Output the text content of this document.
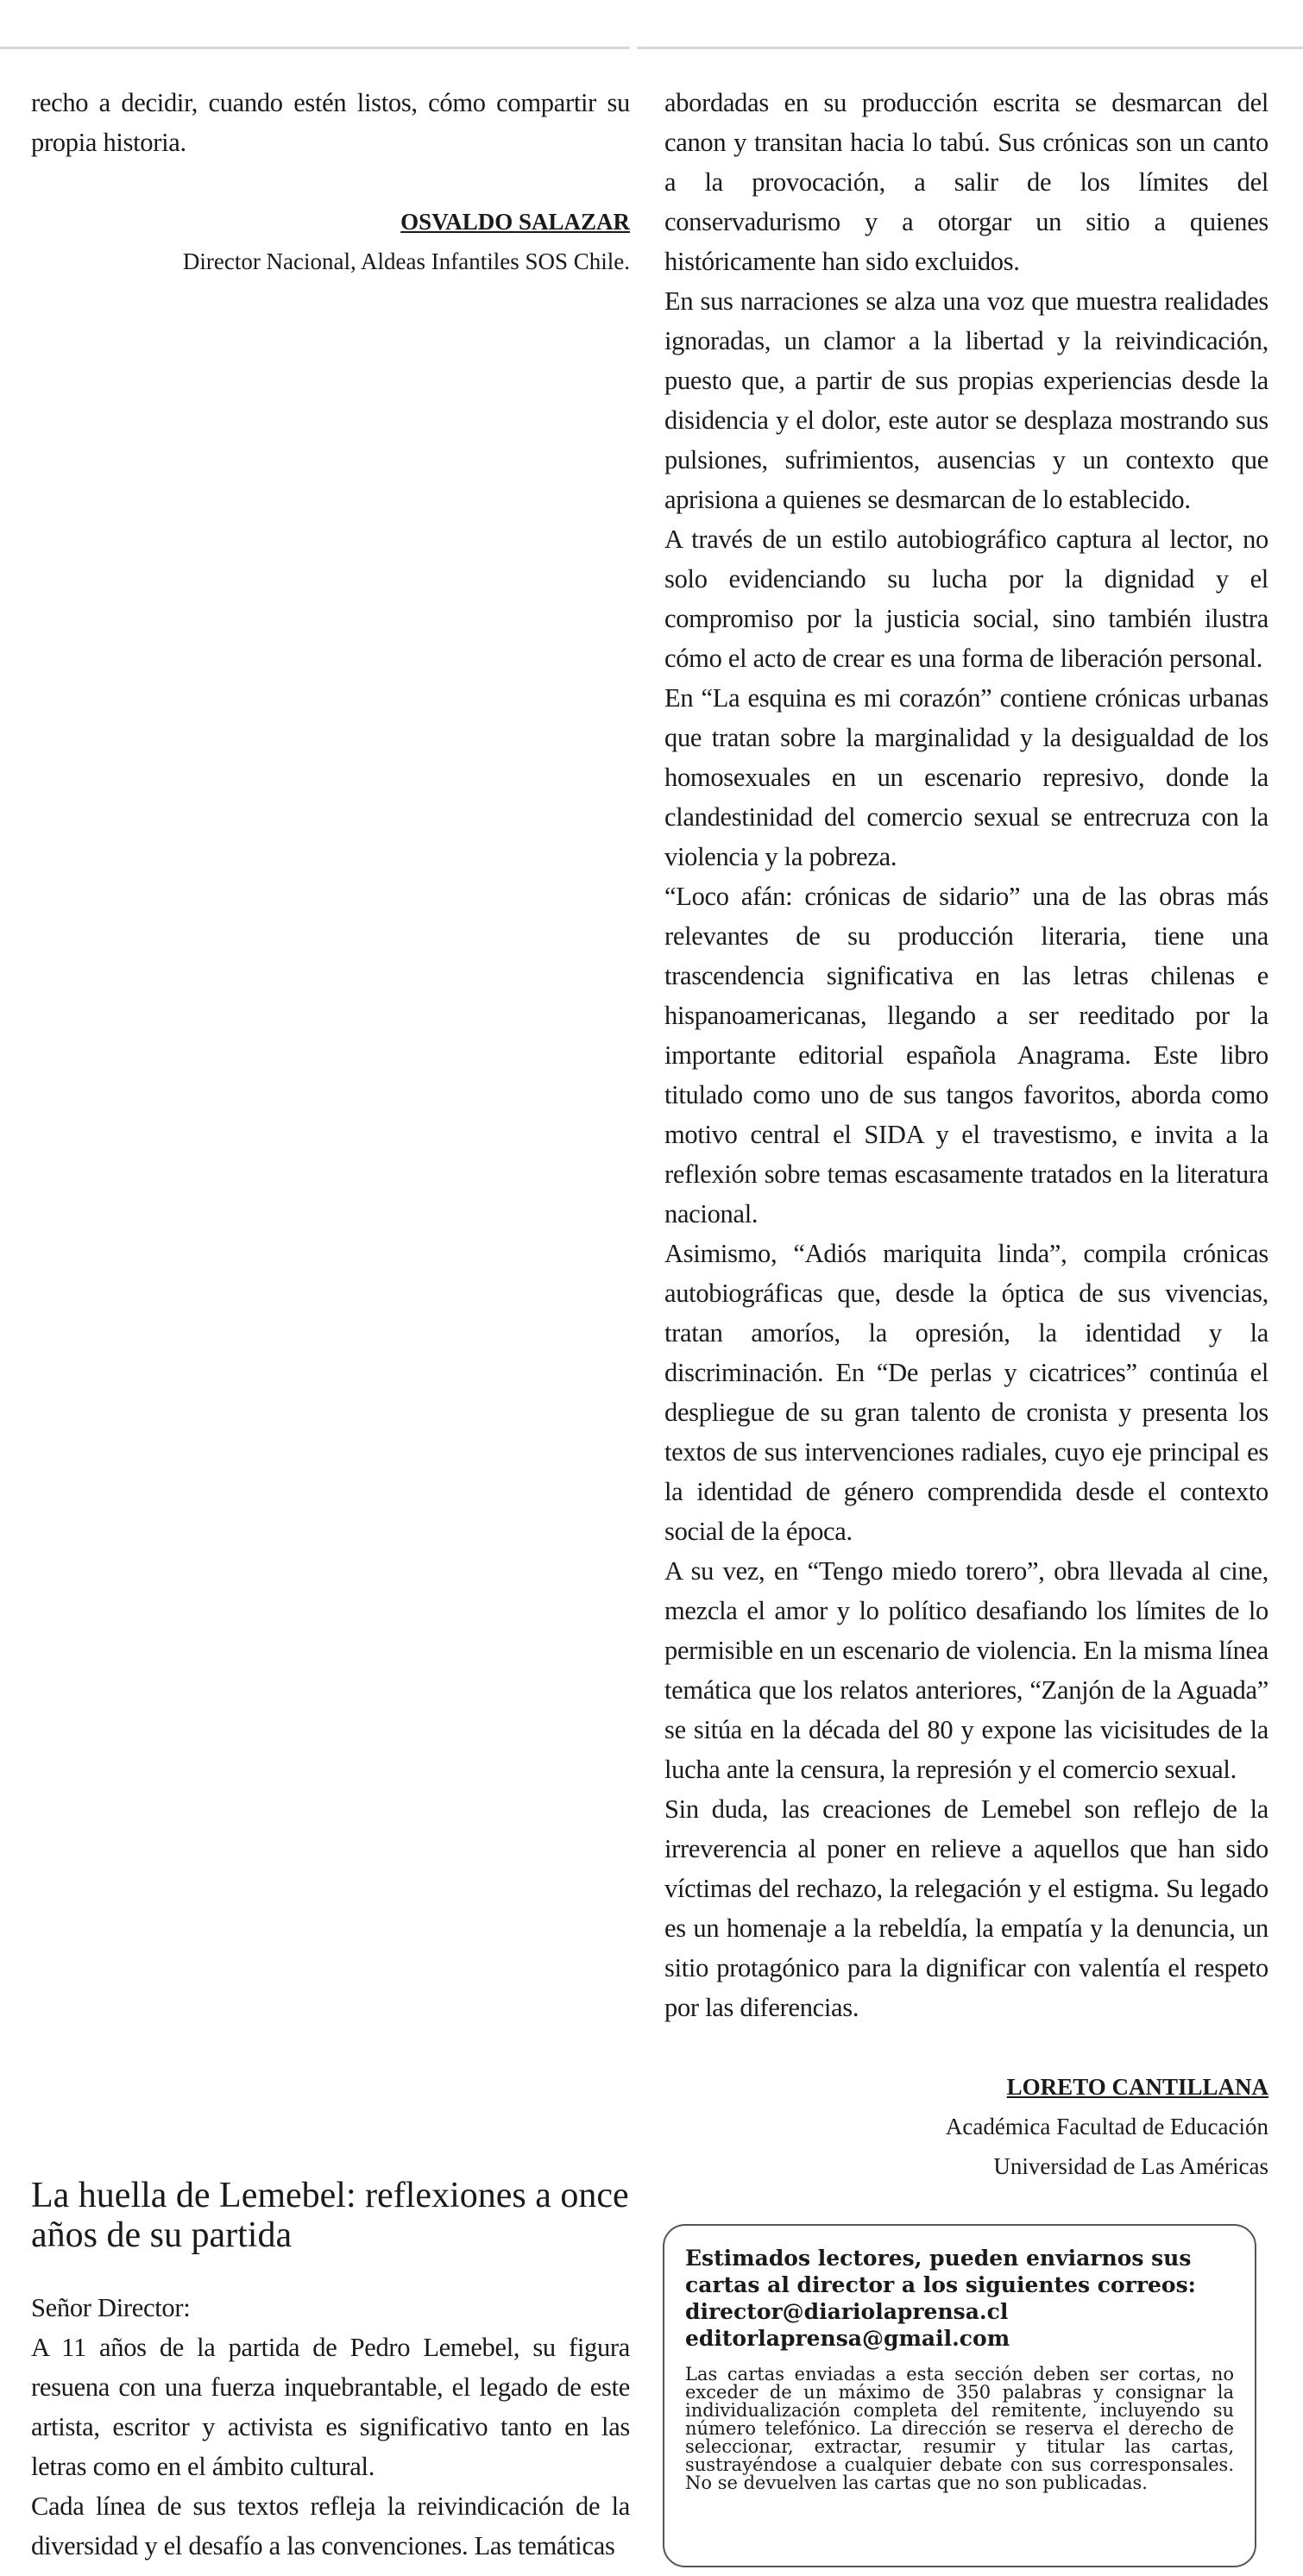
recho a decidir, cuando estén listos, cómo compartir su propia historia.

OSVALDO SALAZAR
Director Nacional, Aldeas Infantiles SOS Chile.

abordadas en su producción escrita se desmarcan del canon y transitan hacia lo tabú. Sus crónicas son un canto a la provocación, a salir de los límites del conservadurismo y a otorgar un sitio a quienes históricamente han sido excluidos.

En sus narraciones se alza una voz que muestra realidades ignoradas, un clamor a la libertad y la reivindicación, puesto que, a partir de sus propias experiencias desde la disidencia y el dolor, este autor se desplaza mostrando sus pulsiones, sufrimientos, ausencias y un contexto que aprisiona a quienes se desmarcan de lo establecido.

A través de un estilo autobiográfico captura al lector, no solo evidenciando su lucha por la dignidad y el compromiso por la justicia social, sino también ilustra cómo el acto de crear es una forma de liberación personal.

En “La esquina es mi corazón” contiene crónicas urbanas que tratan sobre la marginalidad y la desigualdad de los homosexuales en un escenario represivo, donde la clandestinidad del comercio sexual se entrecruza con la violencia y la pobreza.

“Loco afán: crónicas de sidario” una de las obras más relevantes de su producción literaria, tiene una trascendencia significativa en las letras chilenas e hispanoamericanas, llegando a ser reeditado por la importante editorial española Anagrama. Este libro titulado como uno de sus tangos favoritos, aborda como motivo central el SIDA y el travestismo, e invita a la reflexión sobre temas escasamente tratados en la literatura nacional.

Asimismo, “Adiós mariquita linda”, compila crónicas autobiográficas que, desde la óptica de sus vivencias, tratan amoríos, la opresión, la identidad y la discriminación. En “De perlas y cicatrices” continúa el despliegue de su gran talento de cronista y presenta los textos de sus intervenciones radiales, cuyo eje principal es la identidad de género comprendida desde el contexto social de la época.

A su vez, en “Tengo miedo torero”, obra llevada al cine, mezcla el amor y lo político desafiando los límites de lo permisible en un escenario de violencia. En la misma línea temática que los relatos anteriores, “Zanjón de la Aguada” se sitúa en la década del 80 y expone las vicisitudes de la lucha ante la censura, la represión y el comercio sexual.

Sin duda, las creaciones de Lemebel son reflejo de la irreverencia al poner en relieve a aquellos que han sido víctimas del rechazo, la relegación y el estigma. Su legado es un homenaje a la rebeldía, la empatía y la denuncia, un sitio protagónico para la dignificar con valentía el respeto por las diferencias.

LORETO CANTILLANA
Académica Facultad de Educación
Universidad de Las Américas
La huella de Lemebel: reflexiones a once años de su partida

Señor Director:

A 11 años de la partida de Pedro Lemebel, su figura resuena con una fuerza inquebrantable, el legado de este artista, escritor y activista es significativo tanto en las letras como en el ámbito cultural.

Cada línea de sus textos refleja la reivindicación de la diversidad y el desafío a las convenciones. Las temáticas

Estimados lectores, pueden enviarnos sus cartas al director a los siguientes correos:

director@diariolaprensa.cl

editorlaprensa@gmail.com

Las cartas enviadas a esta sección deben ser cortas, no exceder de un máximo de 350 palabras y consignar la individualización completa del remitente, incluyendo su número telefónico. La dirección se reserva el derecho de seleccionar, extractar, resumir y titular las cartas, sustrayéndose a cualquier debate con sus corresponsales. No se devuelven las cartas que no son publicadas.
